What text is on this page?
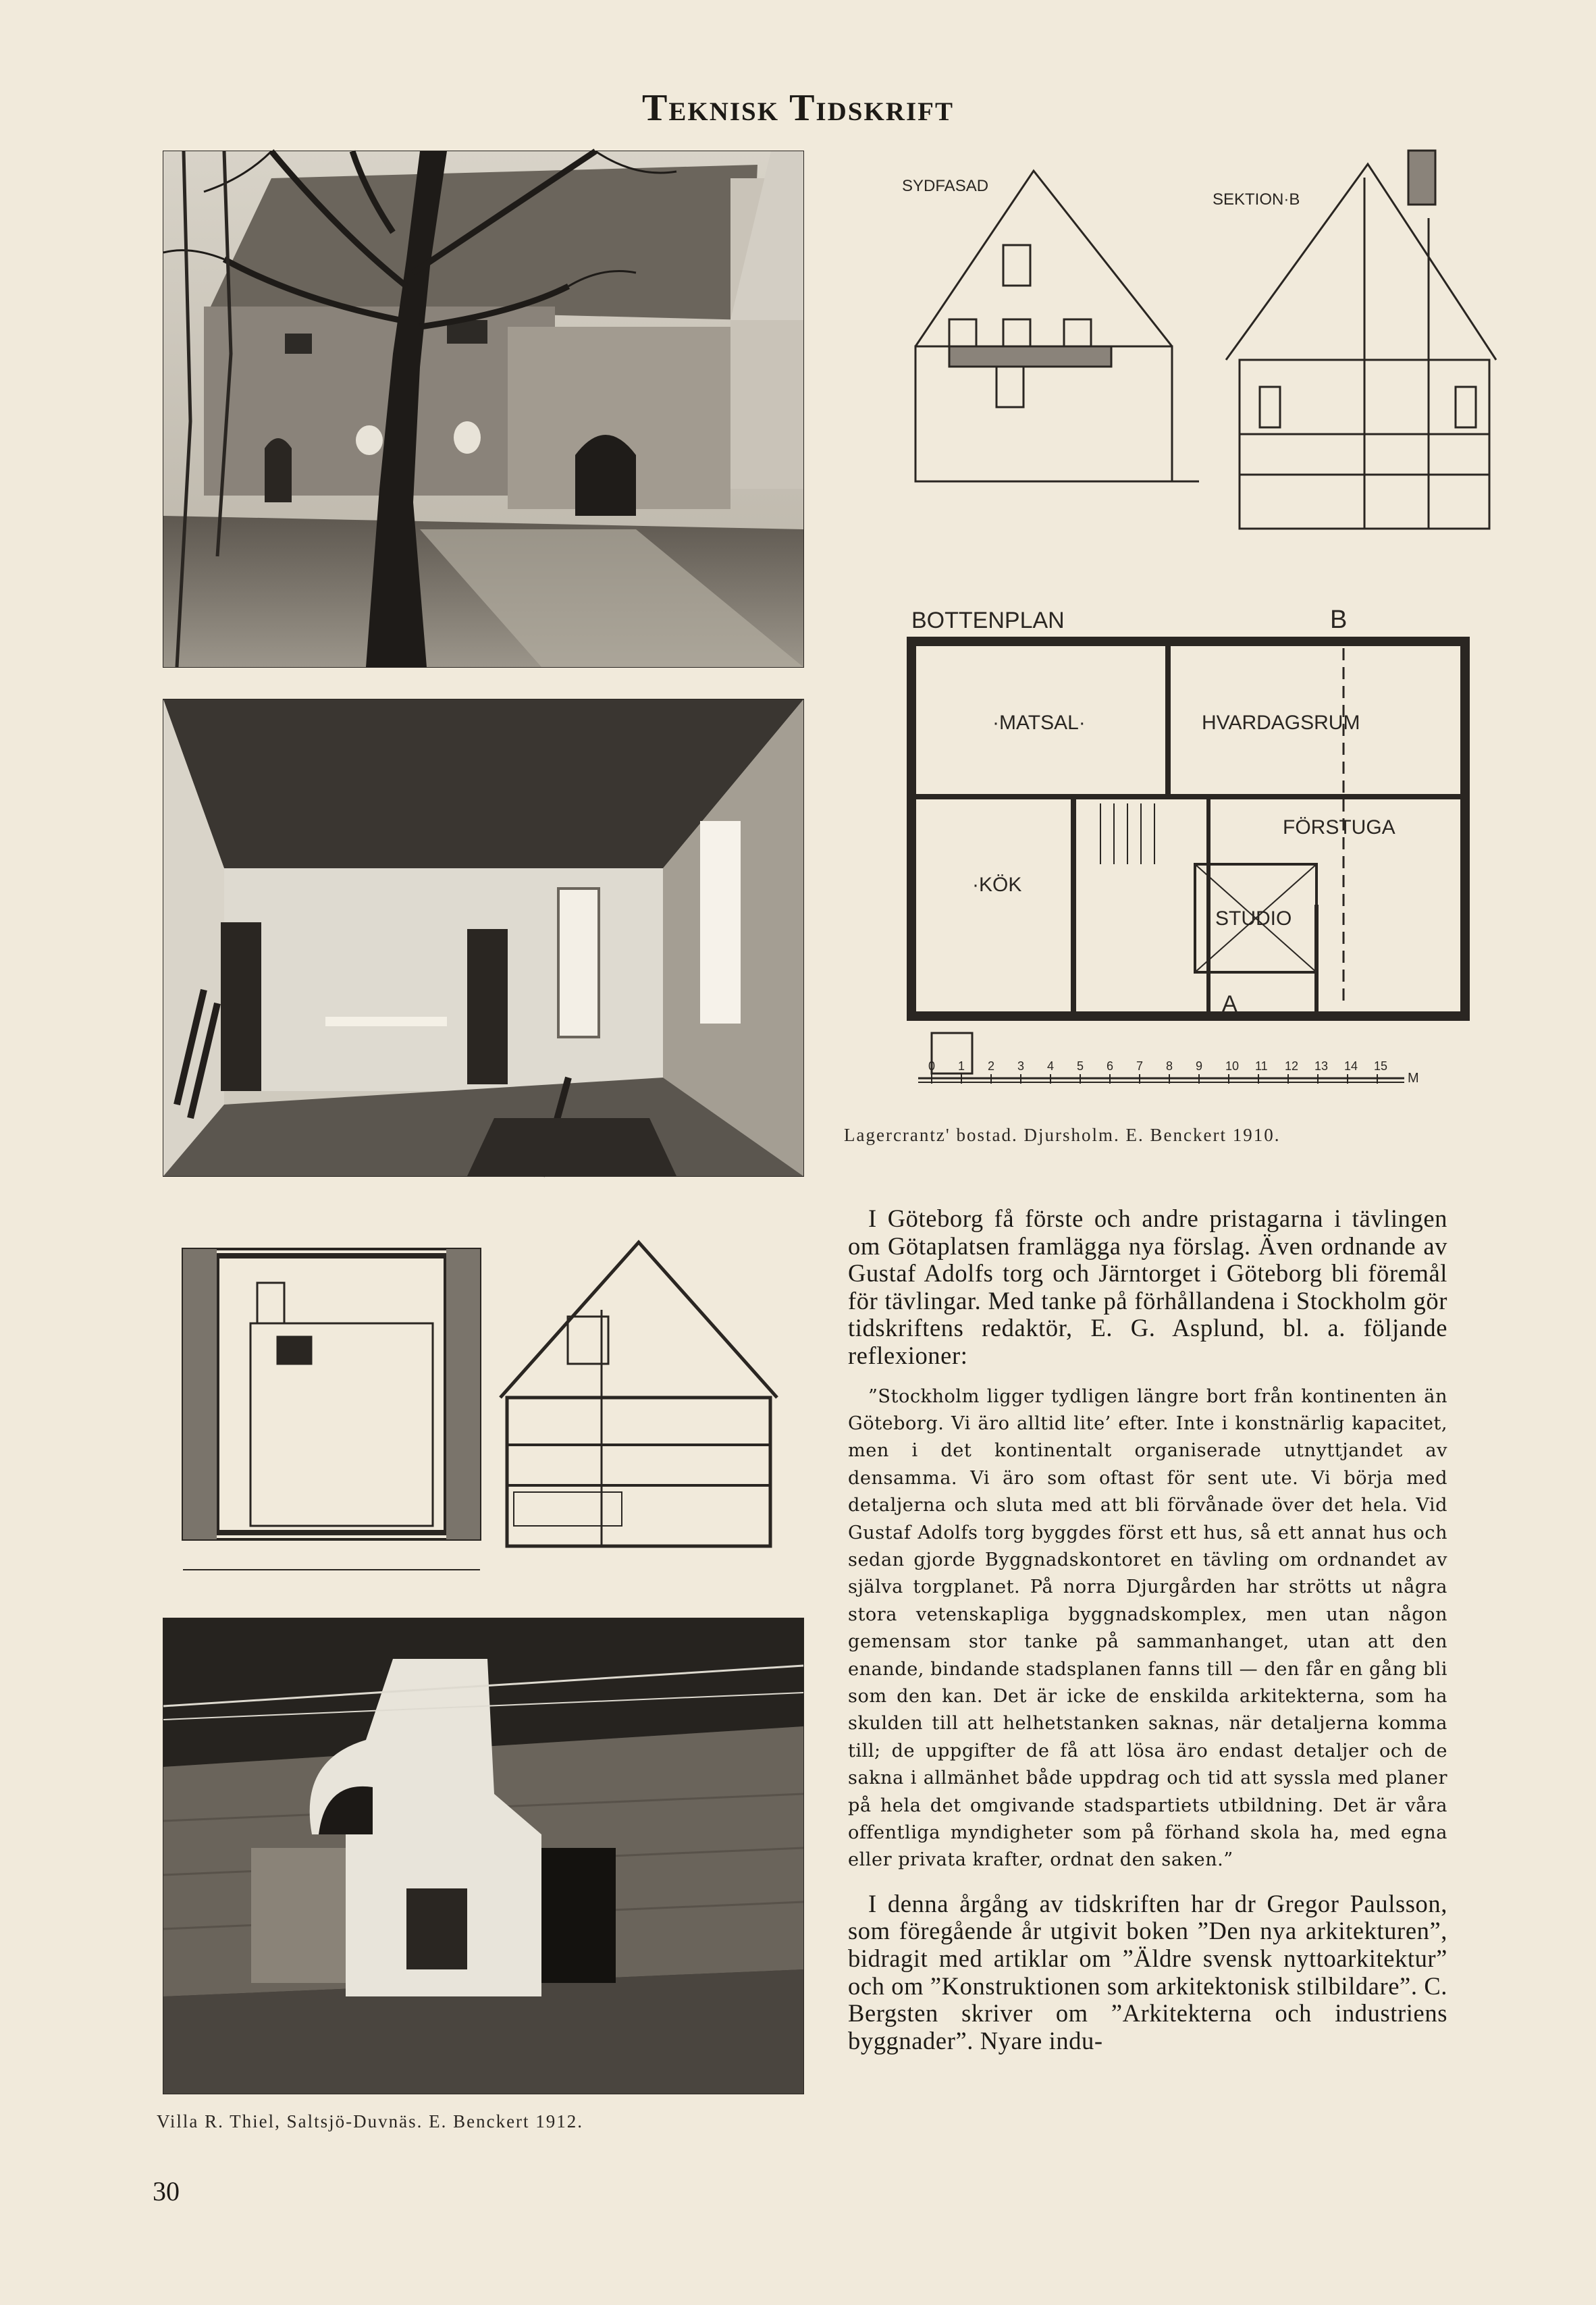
Teknisk Tidskrift
SYDFASAD
SEKTION·B
BOTTENPLAN	B
·MATSAL·	HVARDAGSRUM
FÖRSTUGA
·KÖK
STUDIO
A
0 1 2 3 4 5 6 7 8 9 10 11 12 13 14 15
M
Lagercrantz' bostad. Djursholm. E. Benckert 1910.
Villa R. Thiel, Saltsjö-Duvnäs. E. Benckert 1912.

I Göteborg få förste och andre pristagarna i tävlingen om Götaplatsen framlägga nya förslag. Även ordnande av Gustaf Adolfs torg och Järntorget i Göteborg bli föremål för tävlingar. Med tanke på förhållandena i Stockholm gör tidskriftens redaktör, E. G. Asplund, bl. a. följande reflexioner:

”Stockholm ligger tydligen längre bort från kontinenten än Göteborg. Vi äro alltid lite’ efter. Inte i konstnärlig kapacitet, men i det kontinentalt organiserade utnyttjandet av densamma. Vi äro som oftast för sent ute. Vi börja med detaljerna och sluta med att bli förvånade över det hela. Vid Gustaf Adolfs torg byggdes först ett hus, så ett annat hus och sedan gjorde Byggnadskontoret en tävling om ordnandet av själva torgplanet. På norra Djurgården har strötts ut några stora vetenskapliga byggnadskomplex, men utan någon gemensam stor tanke på sammanhanget, utan att den enande, bindande stadsplanen fanns till — den får en gång bli som den kan. Det är icke de enskilda arkitekterna, som ha skulden till att helhetstanken saknas, när detaljerna komma till; de uppgifter de få att lösa äro endast detaljer och de sakna i allmänhet både uppdrag och tid att syssla med planer på hela det omgivande stadspartiets utbildning. Det är våra offentliga myndigheter som på förhand skola ha, med egna eller privata krafter, ordnat den saken.”

I denna årgång av tidskriften har dr Gregor Paulsson, som föregående år utgivit boken ”Den nya arkitekturen”, bidragit med artiklar om ”Äldre svensk nyttoarkitektur” och om ”Konstruktionen som arkitektonisk stilbildare”. C. Bergsten skriver om ”Arkitekterna och industriens byggnader”. Nyare indu-

30
